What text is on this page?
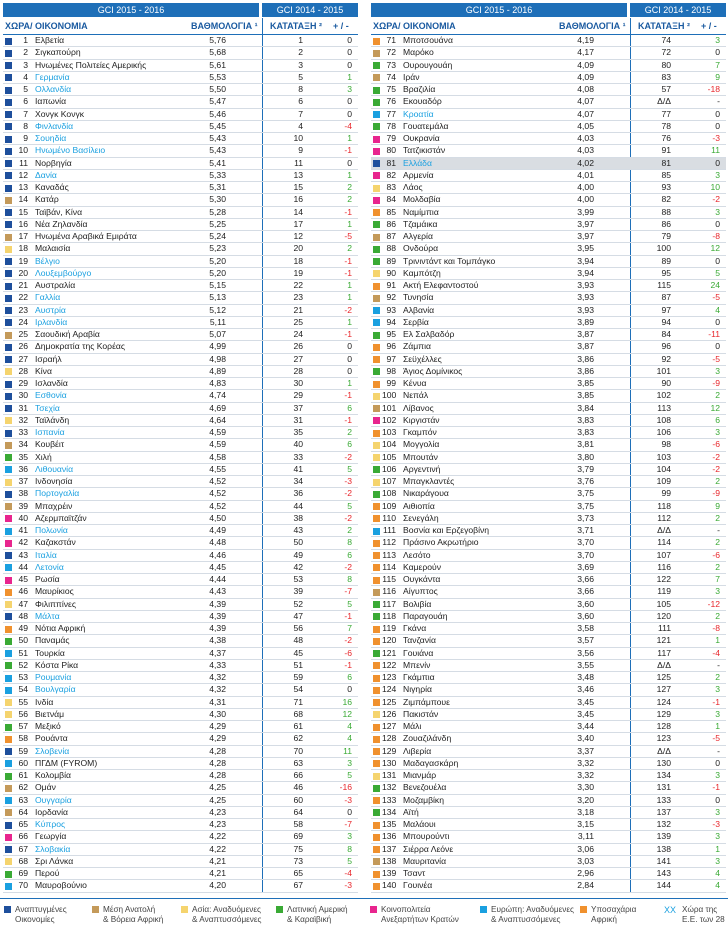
GCI 2015 - 2016	GCI 2014 - 2015
ΧΩΡΑ/ ΟΙΚΟΝΟΜΙΑ	ΒΑΘΜΟΛΟΓΙΑ ¹ ΚΑΤΑΤΑΞΗ ² + / -
1 Ελβετία	5,76	1	0
2 Σιγκαπούρη	5,68	2	0
3 Ηνωμένες Πολιτείες Αμερικής	5,61	3	0
4 Γερμανία	5,53	5	1
5 Ολλανδία	5,50	8	3
6 Ιαπωνία	5,47	6	0
7 Χονγκ Κονγκ	5,46	7	0
8 Φινλανδία	5,45	4	-4
9 Σουηδία	5,43	10	1
10 Ηνωμένο Βασίλειο	5,43	9	-1
11 Νορβηγία	5,41	11	0
12 Δανία	5,33	13	1
13 Καναδάς	5,31	15	2
14 Κατάρ	5,30	16	2
15 Ταϊβάν, Κίνα	5,28	14	-1
16 Νέα Ζηλανδία	5,25	17	1
17 Ηνωμένα Αραβικά Εμιράτα	5,24	12	-5
18 Μαλαισία	5,23	20	2
19 Βέλγιο	5,20	18	-1
20 Λουξεμβούργο	5,20	19	-1
21 Αυστραλία	5,15	22	1
22 Γαλλία	5,13	23	1
23 Αυστρία	5,12	21	-2
24 Ιρλανδία	5,11	25	1
25 Σαουδική Αραβία	5,07	24	-1
26 Δημοκρατία της Κορέας	4,99	26	0
27 Ισραήλ	4,98	27	0
28 Κίνα	4,89	28	0
29 Ισλανδία	4,83	30	1
30 Εσθονία	4,74	29	-1
31 Τσεχία	4,69	37	6
32 Ταϊλάνδη	4,64	31	-1
33 Ισπανία	4,59	35	2
34 Κουβέιτ	4,59	40	6
35 Χιλή	4,58	33	-2
36 Λιθουανία	4,55	41	5
37 Ινδονησία	4,52	34	-3
38 Πορτογαλία	4,52	36	-2
39 Μπαχρέιν	4,52	44	5
40 Αζερμπαϊτζάν	4,50	38	-2
41 Πολωνία	4,49	43	2
42 Καζακστάν	4,48	50	8
43 Ιταλία	4,46	49	6
44 Λετονία	4,45	42	-2
45 Ρωσία	4,44	53	8
46 Μαυρίκιος	4,43	39	-7
47 Φιλιππίνες	4,39	52	5
48 Μάλτα	4,39	47	-1
49 Νότια Αφρική	4,39	56	7
50 Παναμάς	4,38	48	-2
51 Τουρκία	4,37	45	-6
52 Κόστα Ρίκα	4,33	51	-1
53 Ρουμανία	4,32	59	6
54 Βουλγαρία	4,32	54	0
55 Ινδία	4,31	71	16
56 Βιετνάμ	4,30	68	12
57 Μεξικό	4,29	61	4
58 Ρουάντα	4,29	62	4
59 Σλοβενία	4,28	70	11
60 ΠΓΔΜ (FYROM)	4,28	63	3
61 Κολομβία	4,28	66	5
62 Ομάν	4,25	46	-16
63 Ουγγαρία	4,25	60	-3
64 Ιορδανία	4,23	64	0
65 Κύπρος	4,23	58	-7
66 Γεωργία	4,22	69	3
67 Σλοβακία	4,22	75	8
68 Σρι Λάνκα	4,21	73	5
69 Περού	4,21	65	-4
70 Μαυροβούνιο	4,20	67	-3
GCI 2015 - 2016	GCI 2014 - 2015
ΧΩΡΑ/ ΟΙΚΟΝΟΜΙΑ	ΒΑΘΜΟΛΟΓΙΑ ¹ ΚΑΤΑΤΑΞΗ ² + / -
71 Μποτσουάνα	4,19	74	3
72 Μαρόκο	4,17	72	0
73 Ουρουγουάη	4,09	80	7
74 Ιράν	4,09	83	9
75 Βραζιλία	4,08	57	-18
76 Εκουαδόρ	4,07	Δ/Δ	-
77 Κροατία	4,07	77	0
78 Γουατεμάλα	4,05	78	0
79 Ουκρανία	4,03	76	-3
80 Τατζικιστάν	4,03	91	11
81 Ελλάδα	4,02	81	0
82 Αρμενία	4,01	85	3
83 Λάος	4,00	93	10
84 Μολδαβία	4,00	82	-2
85 Ναμίμπια	3,99	88	3
86 Τζαμάικα	3,97	86	0
87 Αλγερία	3,97	79	-8
88 Ονδούρα	3,95	100	12
89 Τρινιντάντ και Τομπάγκο	3,94	89	0
90 Καμπότζη	3,94	95	5
91 Ακτή Ελεφαντοστού	3,93	115	24
92 Τυνησία	3,93	87	-5
93 Αλβανία	3,93	97	4
94 Σερβία	3,89	94	0
95 Ελ Σαλβαδόρ	3,87	84	-11
96 Ζάμπια	3,87	96	0
97 Σεϋχέλλες	3,86	92	-5
98 Άγιος Δομίνικος	3,86	101	3
99 Κένυα	3,85	90	-9
100 Νεπάλ	3,85	102	2
101 Λίβανος	3,84	113	12
102 Κιργιστάν	3,83	108	6
103 Γκαμπόν	3,83	106	3
104 Μογγολία	3,81	98	-6
105 Μπουτάν	3,80	103	-2
106 Αργεντινή	3,79	104	-2
107 Μπαγκλαντές	3,76	109	2
108 Νικαράγουα	3,75	99	-9
109 Αιθιοπία	3,75	118	9
110 Σενεγάλη	3,73	112	2
111 Βοσνία και Ερζεγοβίνη	3,71	Δ/Δ	-
112 Πράσινο Ακρωτήριο	3,70	114	2
113 Λεσότο	3,70	107	-6
114 Καμερούν	3,69	116	2
115 Ουγκάντα	3,66	122	7
116 Αίγυπτος	3,66	119	3
117 Βολιβία	3,60	105	-12
118 Παραγουάη	3,60	120	2
119 Γκάνα	3,58	111	-8
120 Τανζανία	3,57	121	1
121 Γουιάνα	3,56	117	-4
122 Μπενίν	3,55	Δ/Δ	-
123 Γκάμπια	3,48	125	2
124 Νιγηρία	3,46	127	3
125 Ζιμπάμπουε	3,45	124	-1
126 Πακιστάν	3,45	129	3
127 Μάλι	3,44	128	1
128 Ζουαζιλάνδη	3,40	123	-5
129 Λιβερία	3,37	Δ/Δ	-
130 Μαδαγασκάρη	3,32	130	0
131 Μιανμάρ	3,32	134	3
132 Βενεζουέλα	3,30	131	-1
133 Μοζαμβίκη	3,20	133	0
134 Αϊτή	3,18	137	3
135 Μαλάουι	3,15	132	-3
136 Μπουρούντι	3,11	139	3
137 Σιέρρα Λεόνε	3,06	138	1
138 Μαυριτανία	3,03	141	3
139 Τσαντ	2,96	143	4
140 Γουινέα	2,84	144	4
Αναπτυγμένες
Οικονομίες
Μέση Ανατολή
& Βόρεια Αφρική
Ασία: Αναδυόμενες
& Αναπτυσσόμενες
Λατινική Αμερική
& Καραϊβική
Κοινοπολιτεία
Ανεξαρτήτων Κρατών
Ευρώπη: Αναδυόμενες
& Αναπτυσσόμενες
Υποσαχάρια
Αφρική
XX Χώρα της
Ε.Ε. των 28
